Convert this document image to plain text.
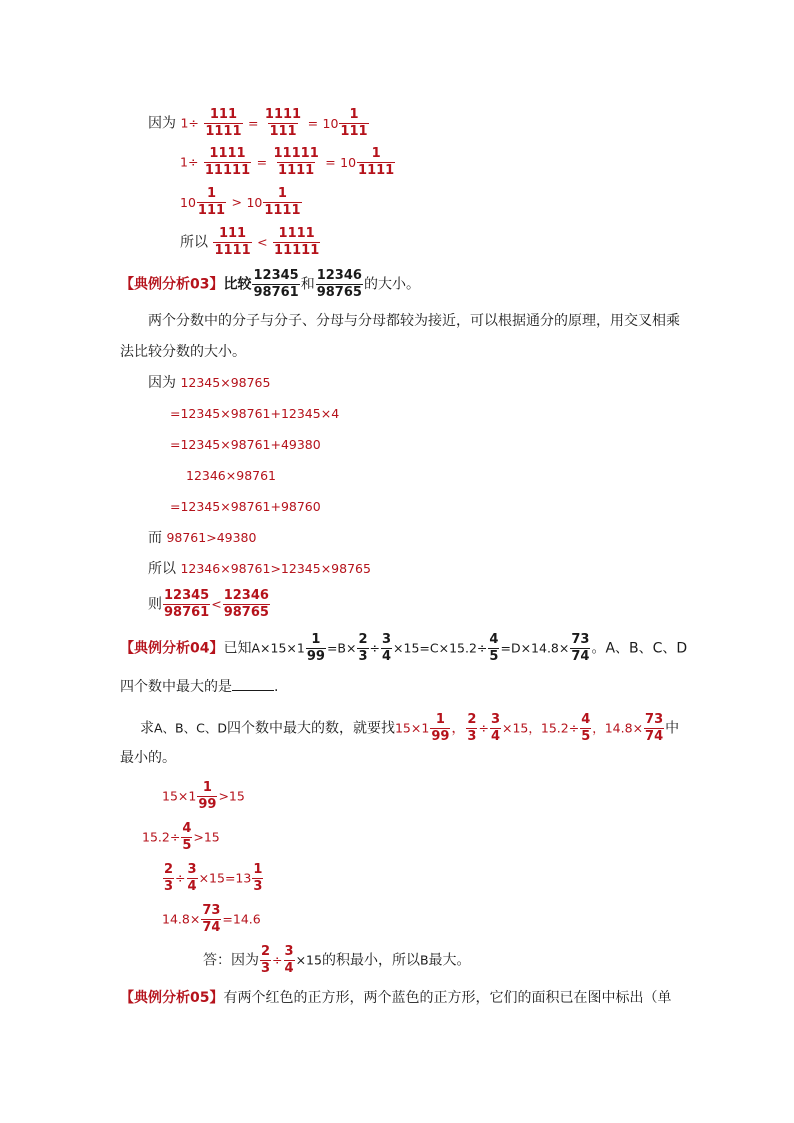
因为 $1\div \frac{111}{1111} = \frac{1111}{111} = 10 \frac{1}{111}$
$1\div \frac{1111}{11111} = \frac{11111}{1111} = 10 \frac{1}{1111}$
$10 \frac{1}{111} > 10 \frac{1}{1111}$
所以 $\frac{111}{1111} < \frac{1111}{11111}$
【典例分析03】比较 $\frac{12345}{98761}$ 和 $\frac{12346}{98765}$ 的大小。
两个分数中的分子与分子、分母与分母都较为接近，可以根据通分的原理，用交叉相乘
法比较分数的大小。
因为 12345×98765
=12345×98761+12345×4
=12345×98761+49380
12346×98761
=12345×98761+98760
而 98761>49380
所以 12346×98761>12345×98765
则 $\frac{12345}{98761} < \frac{12346}{98765}$
【典例分析04】已知$A\times 15\times 1 \frac{1}{99} =B\times \frac{2}{3} \div \frac{3}{4} \times 15=C\times 15.2\div \frac{4}{5} =D\times 14.8\times \frac{73}{74}$ 。A、B、C、D
四个数中最大的是	.
求A、B、C、D四个数中最大的数，就要找$15\times 1 \frac{1}{99}$ ， $\frac{2}{3} \div \frac{3}{4} \times 15$，$15.2\div \frac{4}{5}$ ，$14.8\times \frac{73}{74}$ 中
最小的。
$15\times 1 \frac{1}{99} >15$
$15.2\div \frac{4}{5} >15$
$\frac{2}{3} \div \frac{3}{4} \times 15=13 \frac{1}{3}$
$14.8\times \frac{73}{74} =14.6$
答：因为 $\frac{2}{3} \div \frac{3}{4} \times 15$的积最小，所以B最大。
【典例分析05】有两个红色的正方形，两个蓝色的正方形，它们的面积已在图中标出（单
